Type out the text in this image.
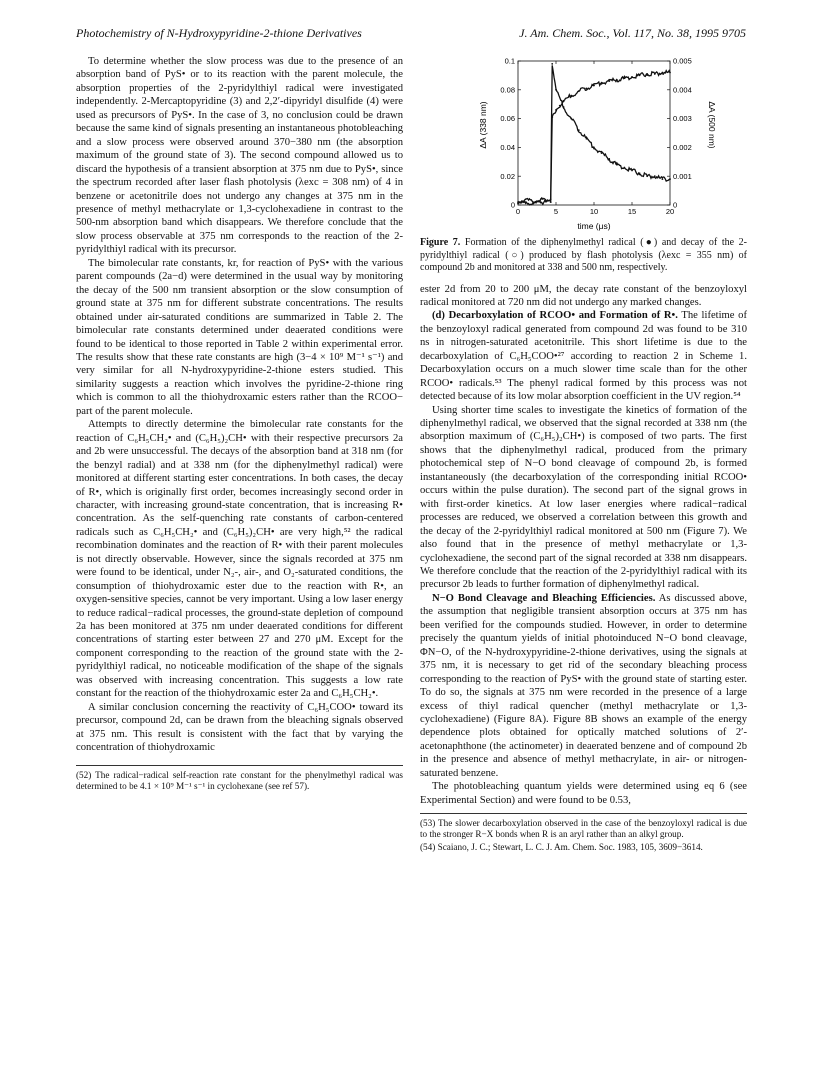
Photochemistry of N-Hydroxypyridine-2-thione Derivatives	J. Am. Chem. Soc., Vol. 117, No. 38, 1995 9705

To determine whether the slow process was due to the presence of an absorption band of PyS• or to its reaction with the parent molecule, the absorption properties of the 2-pyridylthiyl radical were investigated independently. 2-Mercaptopyridine (3) and 2,2′-dipyridyl disulfide (4) were used as precursors of PyS•. In the case of 3, no conclusion could be drawn because the same kind of signals presenting an instantaneous photobleaching and a slow process were observed around 370−380 nm (the absorption maximum of the ground state of 3). The second compound allowed us to discard the hypothesis of a transient absorption at 375 nm due to PyS•, since the spectrum recorded after laser flash photolysis (λexc = 308 nm) of 4 in benzene or acetonitrile does not undergo any changes at 375 nm in the presence of methyl methacrylate or 1,3-cyclohexadiene in contrast to the 500-nm absorption band which disappears. We therefore conclude that the slow process observable at 375 nm corresponds to the reaction of the 2-pyridylthiyl radical with its precursor.

The bimolecular rate constants, kr, for reaction of PyS• with the various parent compounds (2a−d) were determined in the usual way by monitoring the decay of the 500 nm transient absorption or the slow consumption of ground state at 375 nm for different substrate concentrations. The results obtained under air-saturated conditions are summarized in Table 2. The bimolecular rate constants determined under deaerated conditions were found to be identical to those reported in Table 2 within experimental error. The results show that these rate constants are high (3−4 × 10⁹ M⁻¹ s⁻¹) and very similar for all N-hydroxypyridine-2-thione esters studied. This similarity suggests a reaction which involves the pyridine-2-thione ring which is common to all the thiohydroxamic esters rather than the RCOO− part of the parent molecule.

Attempts to directly determine the bimolecular rate constants for the reaction of C₆H₅CH₂• and (C₆H₅)₂CH• with their respective precursors 2a and 2b were unsuccessful. The decays of the absorption band at 318 nm (for the benzyl radial) and at 338 nm (for the diphenylmethyl radical) were monitored at different starting ester concentrations. In both cases, the decay of R•, which is originally first order, becomes increasingly second order in character, with increasing ground-state concentration, that is increasing R• concentration. As the self-quenching rate constants of carbon-centered radicals such as C₆H₅CH₂• and (C₆H₅)₂CH• are very high,⁵² the radical recombination dominates and the reaction of R• with their parent molecules is not directly observable. However, since the signals recorded at 375 nm were found to be identical, under N₂-, air-, and O₂-saturated conditions, the consumption of thiohydroxamic ester due to the reaction with R•, an oxygen-sensitive species, cannot be very important. Using a low laser energy to reduce radical−radical processes, the ground-state depletion of compound 2a has been monitored at 375 nm under deaerated conditions for different concentrations of starting ester between 27 and 270 μM. Except for the component corresponding to the reaction of the ground state with the 2-pyridylthiyl radical, no noticeable modification of the shape of the signals was observed with increasing concentration. This suggests a low rate constant for the reaction of the thiohydroxamic ester 2a and C₆H₅CH₂•.

A similar conclusion concerning the reactivity of C₆H₅COO• toward its precursor, compound 2d, can be drawn from the bleaching signals observed at 375 nm. This result is consistent with the fact that by varying the concentration of thiohydroxamic

(52) The radical−radical self-reaction rate constant for the phenylmethyl radical was determined to be 4.1 × 10⁹ M⁻¹ s⁻¹ in cyclohexane (see ref 57).

0	5	10	15	20
0
0.02
0.04
0.06
0.08
0.1
0
0.001
0.002
0.003
0.004
0.005
time (μs)
ΔA (338 nm)	ΔA (500 nm)
Figure 7. Formation of the diphenylmethyl radical (●) and decay of the 2-pyridylthiyl radical (○) produced by flash photolysis (λexc = 355 nm) of compound 2b and monitored at 338 and 500 nm, respectively.

ester 2d from 20 to 200 μM, the decay rate constant of the benzoyloxyl radical monitored at 720 nm did not undergo any marked changes.

(d) Decarboxylation of RCOO• and Formation of R•. The lifetime of the benzoyloxyl radical generated from compound 2d was found to be 310 ns in nitrogen-saturated acetonitrile. This short lifetime is due to the decarboxylation of C₆H₅COO•²⁷ according to reaction 2 in Scheme 1. Decarboxylation occurs on a much slower time scale than for the other RCOO• radicals.⁵³ The phenyl radical formed by this process was not detected because of its low molar absorption coefficient in the UV region.⁵⁴

Using shorter time scales to investigate the kinetics of formation of the diphenylmethyl radical, we observed that the signal recorded at 338 nm (the absorption maximum of (C₆H₅)₂CH•) is composed of two parts. The first shows that the diphenylmethyl radical, produced from the primary photochemical step of N−O bond cleavage of compound 2b, is formed instantaneously (the decarboxylation of the corresponding initial RCOO• occurs within the pulse duration). The second part of the signal grows in with first-order kinetics. At low laser energies where radical−radical processes are reduced, we observed a correlation between this growth and the decay of the 2-pyridylthiyl radical monitored at 500 nm (Figure 7). We also found that in the presence of methyl methacrylate or 1,3-cyclohexadiene, the second part of the signal recorded at 338 nm disappears. We therefore conclude that the reaction of the 2-pyridylthiyl radical with its precursor 2b leads to further formation of diphenylmethyl radical.

N−O Bond Cleavage and Bleaching Efficiencies. As discussed above, the assumption that negligible transient absorption occurs at 375 nm has been verified for the compounds studied. However, in order to determine precisely the quantum yields of initial photoinduced N−O bond cleavage, ΦN−O, of the N-hydroxypyridine-2-thione derivatives, using the signals at 375 nm, it is necessary to get rid of the secondary bleaching process corresponding to the reaction of PyS• with the ground state of starting ester. To do so, the signals at 375 nm were recorded in the presence of a large excess of thiyl radical quencher (methyl methacrylate or 1,3-cyclohexadiene) (Figure 8A). Figure 8B shows an example of the energy dependence plots obtained for optically matched solutions of 2′-acetonaphthone (the actinometer) in deaerated benzene and of compound 2b in the presence and absence of methyl methacrylate, in air- or nitrogen-saturated benzene.

The photobleaching quantum yields were determined using eq 6 (see Experimental Section) and were found to be 0.53,

(53) The slower decarboxylation observed in the case of the benzoyloxyl radical is due to the stronger R−X bonds when R is an aryl rather than an alkyl group.

(54) Scaiano, J. C.; Stewart, L. C. J. Am. Chem. Soc. 1983, 105, 3609−3614.
